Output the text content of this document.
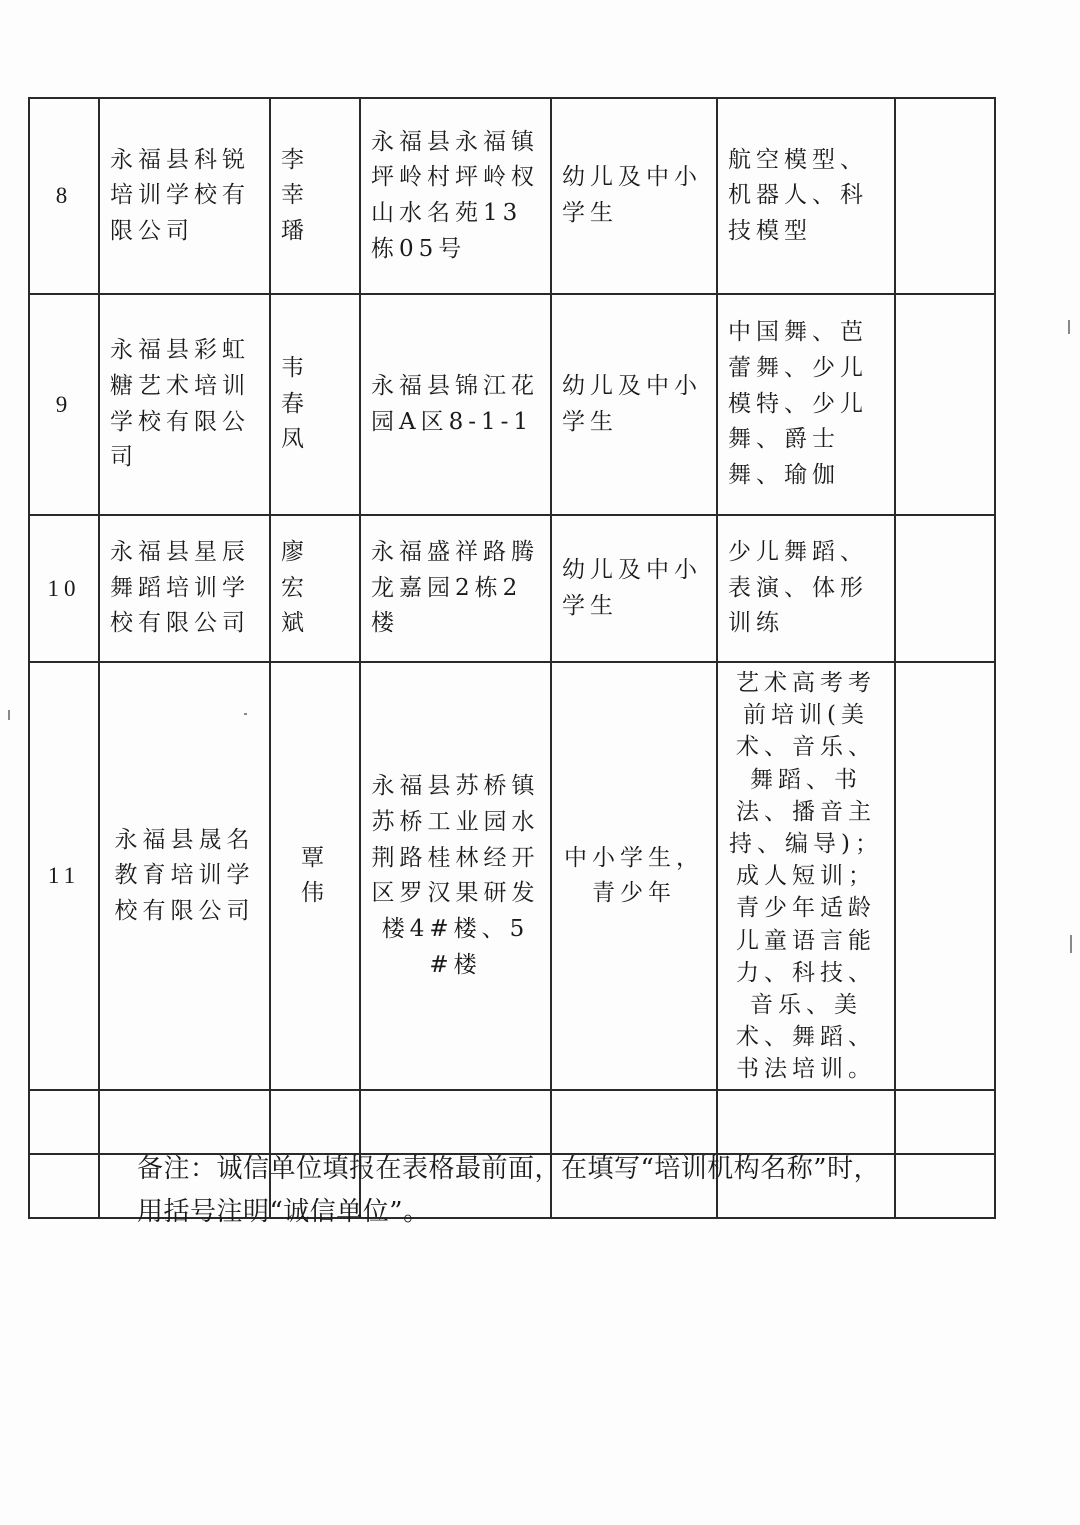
8	永福县科锐培训学校有限公司	李 幸 璠	永福县永福镇坪岭村坪岭杈山水名苑13栋05号	幼儿及中小学生	航空模型、机器人、科技模型	
9	永福县彩虹糖艺术培训学校有限公司	韦 春 凤	永福县锦江花园A区8-1-1	幼儿及中小学生	中国舞、芭蕾舞、少儿模特、少儿舞、爵士舞、瑜伽	
10	永福县星辰舞蹈培训学校有限公司	廖 宏 斌	永福盛祥路腾龙嘉园2栋2楼	幼儿及中小学生	少儿舞蹈、表演、体形训练	
11	永福县晟名教育培训学校有限公司	覃 伟	永福县苏桥镇苏桥工业园水荆路桂林经开区罗汉果研发楼4#楼、5#楼	中小学生，青少年	艺术高考考前培训(美术、音乐、舞蹈、书法、播音主持、编导)；成人短训；青少年适龄儿童语言能力、科技、音乐、美术、舞蹈、书法培训。	

备注：诚信单位填报在表格最前面，在填写“培训机构名称”时，
用括号注明“诚信单位”。
